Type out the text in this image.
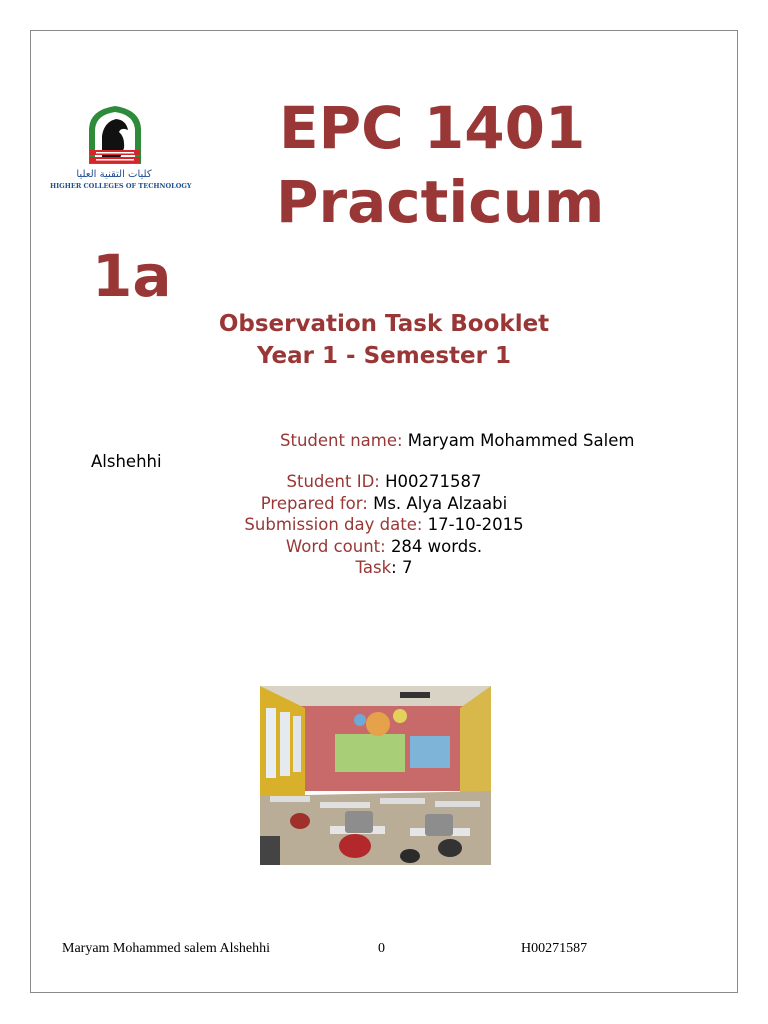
كليات التقنية العليا
HIGHER COLLEGES OF TECHNOLOGY
EPC 1401
Practicum
1a
Observation Task Booklet
Year 1 - Semester 1
Student name: Maryam Mohammed Salem
Alshehhi
Student ID: H00271587
Prepared for: Ms. Alya Alzaabi
Submission day date: 17-10-2015
Word count: 284 words.
Task: 7
Maryam Mohammed salem Alshehhi	0	H00271587
